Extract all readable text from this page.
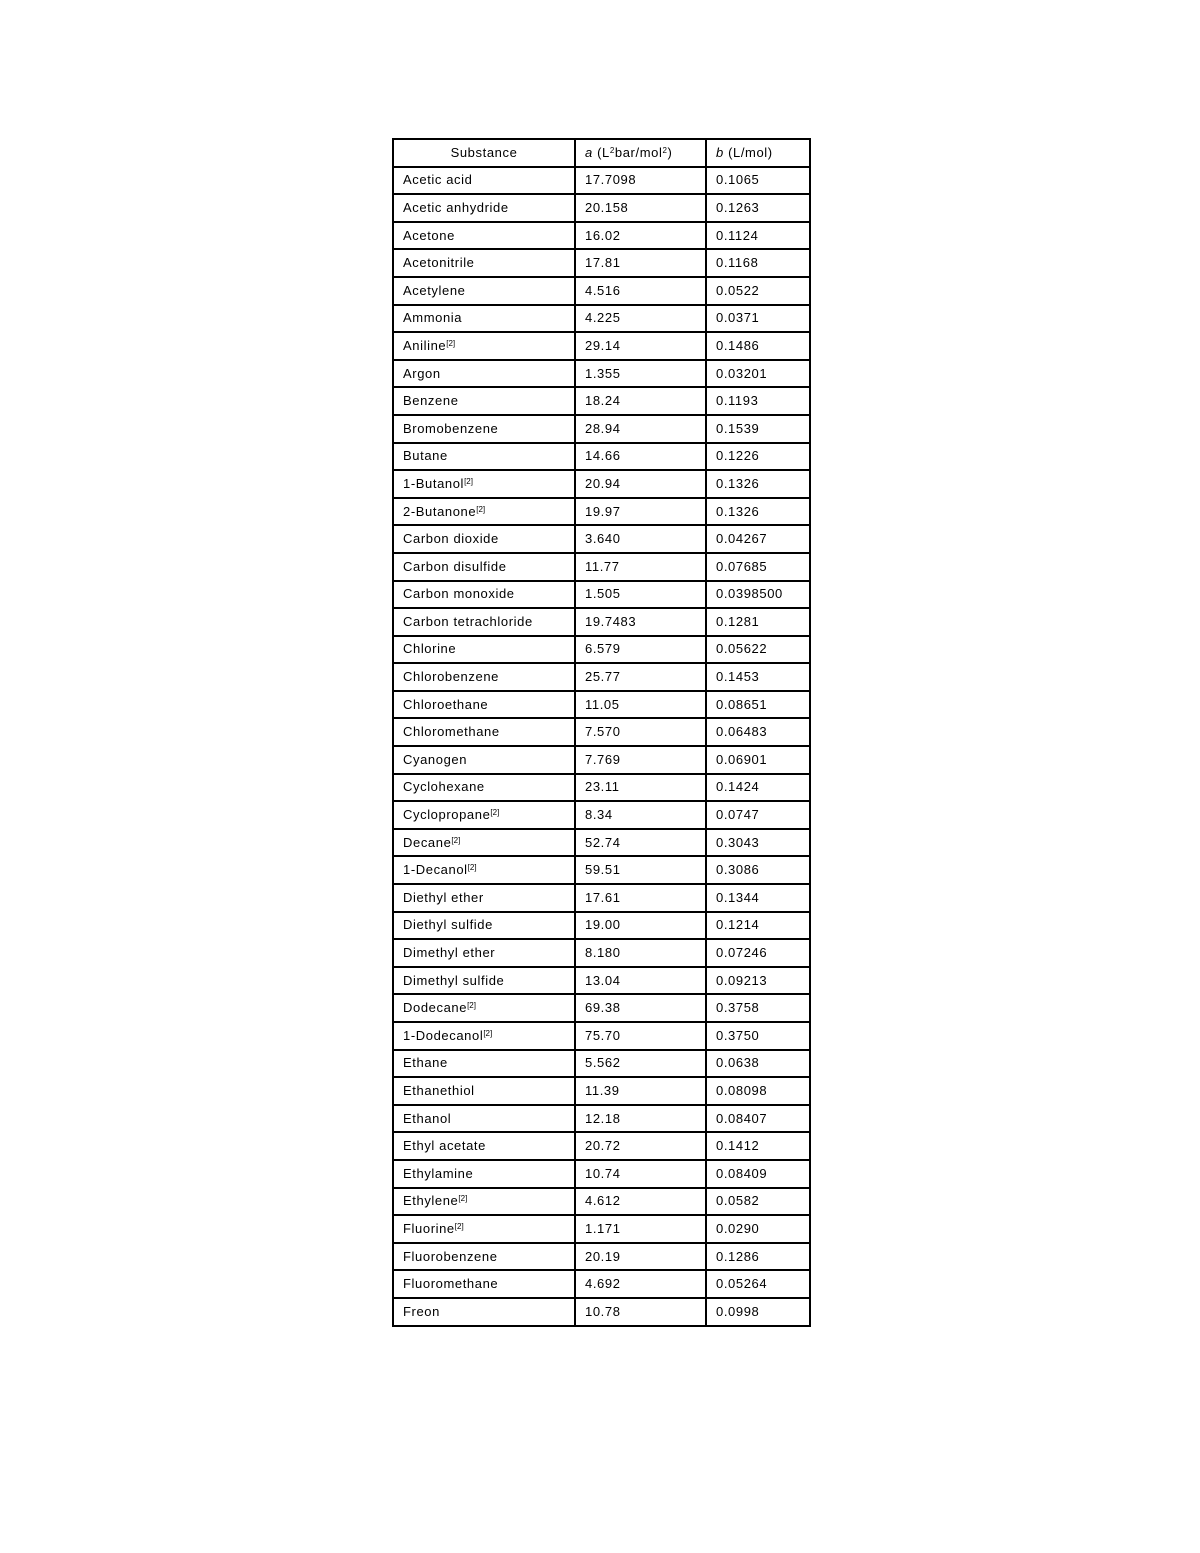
Substance	a $(L^2bar/mol^2)$	b (L/mol)
Acetic acid	17.7098	0.1065
Acetic anhydride	20.158	0.1263
Acetone	16.02	0.1124
Acetonitrile	17.81	0.1168
Acetylene	4.516	0.0522
Ammonia	4.225	0.0371
Aniline[2]	29.14	0.1486
Argon	1.355	0.03201
Benzene	18.24	0.1193
Bromobenzene	28.94	0.1539
Butane	14.66	0.1226
1-Butanol[2]	20.94	0.1326
2-Butanone[2]	19.97	0.1326
Carbon dioxide	3.640	0.04267
Carbon disulfide	11.77	0.07685
Carbon monoxide	1.505	0.0398500
Carbon tetrachloride	19.7483	0.1281
Chlorine	6.579	0.05622
Chlorobenzene	25.77	0.1453
Chloroethane	11.05	0.08651
Chloromethane	7.570	0.06483
Cyanogen	7.769	0.06901
Cyclohexane	23.11	0.1424
Cyclopropane[2]	8.34	0.0747
Decane[2]	52.74	0.3043
1-Decanol[2]	59.51	0.3086
Diethyl ether	17.61	0.1344
Diethyl sulfide	19.00	0.1214
Dimethyl ether	8.180	0.07246
Dimethyl sulfide	13.04	0.09213
Dodecane[2]	69.38	0.3758
1-Dodecanol[2]	75.70	0.3750
Ethane	5.562	0.0638
Ethanethiol	11.39	0.08098
Ethanol	12.18	0.08407
Ethyl acetate	20.72	0.1412
Ethylamine	10.74	0.08409
Ethylene[2]	4.612	0.0582
Fluorine[2]	1.171	0.0290
Fluorobenzene	20.19	0.1286
Fluoromethane	4.692	0.05264
Freon	10.78	0.0998
